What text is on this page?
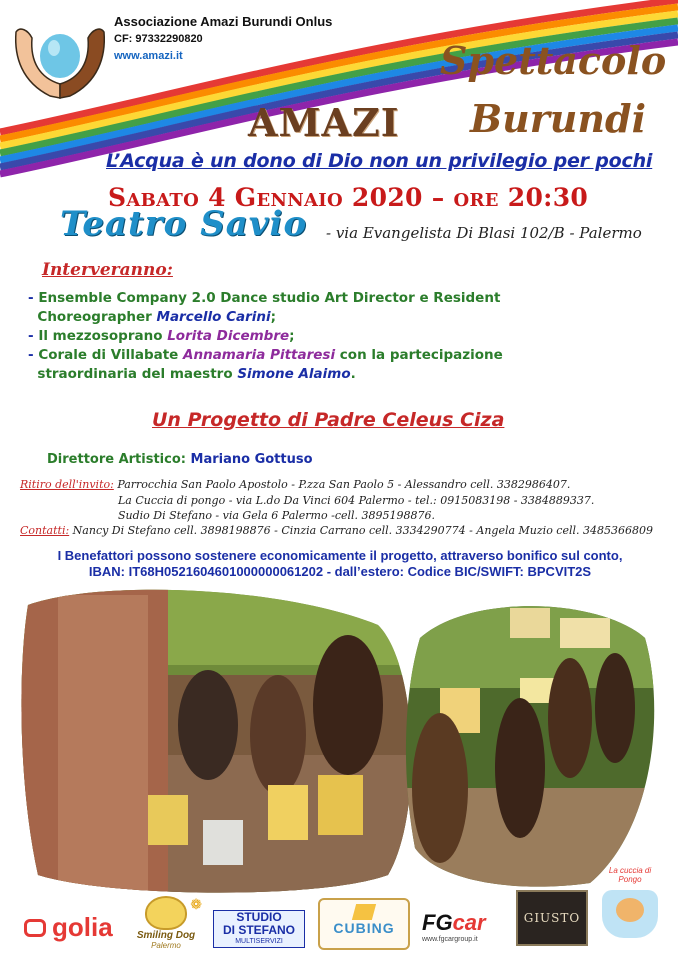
Associazione Amazi Burundi Onlus
CF: 97332290820
www.amazi.it	Spettacolo
AMAZI Burundi
L’Acqua è un dono di Dio non un privilegio per pochi
Sabato 4 Gennaio 2020 – ore 20:30
Teatro Savio - via Evangelista Di Blasi 102/B - Palermo
Interveranno:
- Ensemble Company 2.0 Dance studio Art Director e Resident
Choreographer Marcello Carini;
- Il mezzosoprano Lorita Dicembre;
- Corale di Villabate Annamaria Pittaresi con la partecipazione
straordinaria del maestro Simone Alaimo.
Un Progetto di Padre Celeus Ciza
Direttore Artistico: Mariano Gottuso
Ritiro dell'invito: Parrocchia San Paolo Apostolo - P.zza San Paolo 5 - Alessandro cell. 3382986407.
La Cuccia di pongo - via L.do Da Vinci 604 Palermo - tel.: 0915083198 - 3384889337.
Sudio Di Stefano - via Gela 6 Palermo -cell. 3895198876.
Contatti: Nancy Di Stefano cell. 3898198876 - Cinzia Carrano cell. 3334290774 - Angela Muzio cell. 3485366809
I Benefattori possono sostenere economicamente il progetto, attraverso bonifico sul conto,
IBAN: IT68H0521604601000000061202 - dall’estero: Codice BIC/SWIFT: BPCVIT2S
golia	Smiling Dog
Palermo
❁
STUDIO
DI STEFANO
MULTISERVIZI
CUBING	FGcar
www.fgcargroup.it
GIUSTO
La cuccia di Pongo
